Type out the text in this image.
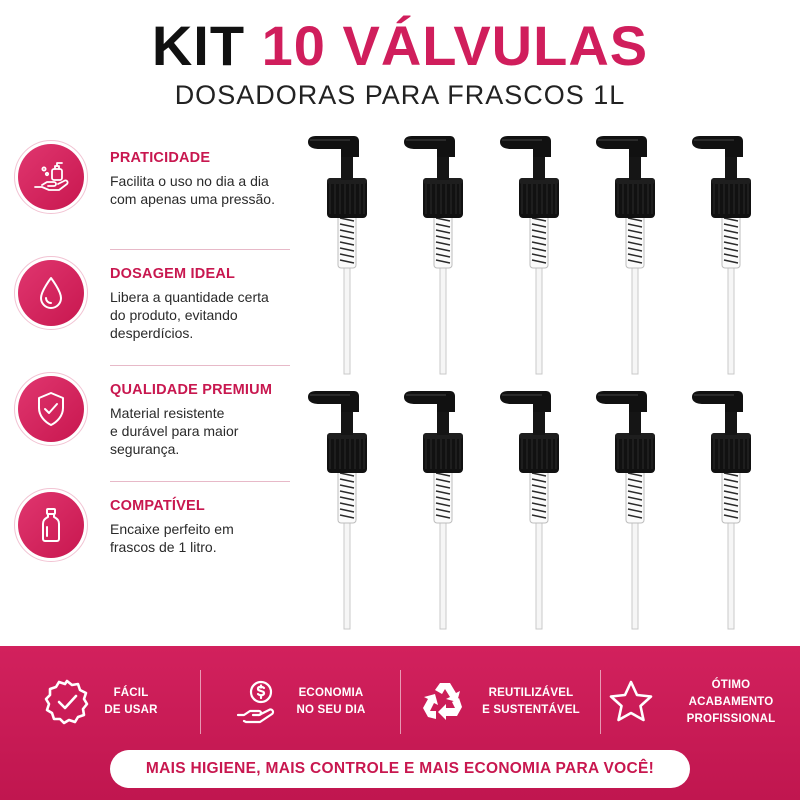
KIT 10 VÁLVULAS
DOSADORAS PARA FRASCOS 1L
PRATICIDADE
Facilita o uso no dia a dia
com apenas uma pressão.
DOSAGEM IDEAL
Libera a quantidade certa
do produto, evitando
desperdícios.
QUALIDADE PREMIUM
Material resistente
e durável para maior
segurança.
COMPATÍVEL
Encaixe perfeito em
frascos de 1 litro.
FÁCIL
DE USAR
ECONOMIA
NO SEU DIA
REUTILIZÁVEL
E SUSTENTÁVEL
ÓTIMO ACABAMENTO
PROFISSIONAL
MAIS HIGIENE, MAIS CONTROLE E MAIS ECONOMIA PARA VOCÊ!
